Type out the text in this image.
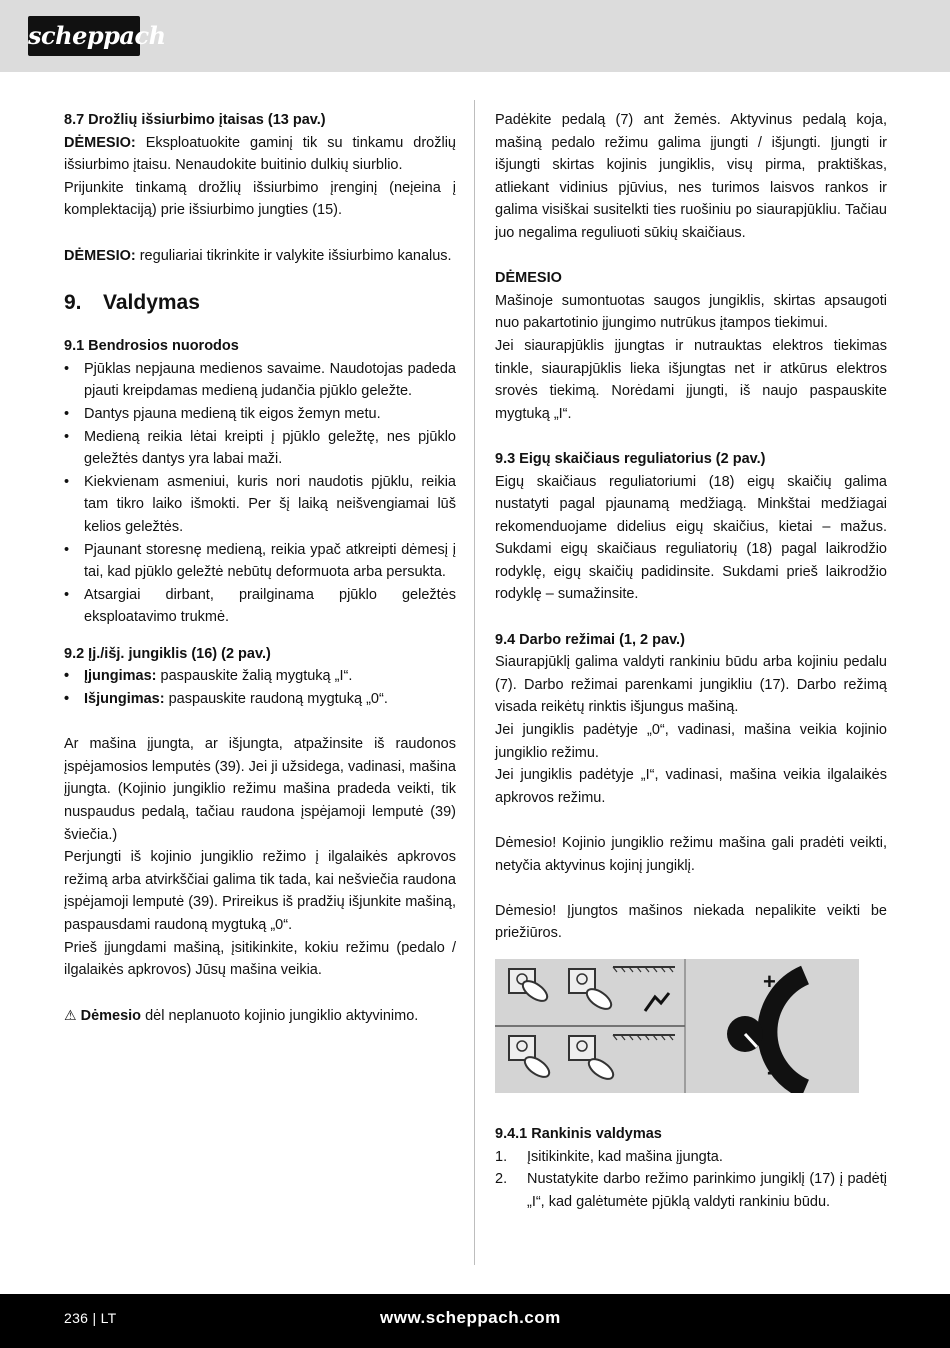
scheppach

8.7 Drožlių išsiurbimo įtaisas (13 pav.)

DĖMESIO: Eksploatuokite gaminį tik su tinkamu drožlių išsiurbimo įtaisu. Nenaudokite buitinio dulkių siurblio.

Prijunkite tinkamą drožlių išsiurbimo įrenginį (neįeina į komplektaciją) prie išsiurbimo jungties (15).

DĖMESIO: reguliariai tikrinkite ir valykite išsiurbimo kanalus.

9. Valdymas

9.1 Bendrosios nuorodos

• Pjūklas nepjauna medienos savaime. Naudotojas padeda pjauti kreipdamas medieną judančia pjūklo geležte.
• Dantys pjauna medieną tik eigos žemyn metu.
• Medieną reikia lėtai kreipti į pjūklo geležtę, nes pjūklo geležtės dantys yra labai maži.
• Kiekvienam asmeniui, kuris nori naudotis pjūklu, reikia tam tikro laiko išmokti. Per šį laiką neišvengiamai lūš kelios geležtės.
• Pjaunant storesnę medieną, reikia ypač atkreipti dėmesį į tai, kad pjūklo geležtė nebūtų deformuota arba persukta.
• Atsargiai dirbant, prailginama pjūklo geležtės eksploatavimo trukmė.

9.2 Įj./išj. jungiklis (16) (2 pav.)

• Įjungimas: paspauskite žalią mygtuką „I“.
• Išjungimas: paspauskite raudoną mygtuką „0“.

Ar mašina įjungta, ar išjungta, atpažinsite iš raudonos įspėjamosios lemputės (39). Jei ji užsidega, vadinasi, mašina įjungta. (Kojinio jungiklio režimu mašina pradeda veikti, tik nuspaudus pedalą, tačiau raudona įspėjamoji lemputė (39) šviečia.)

Perjungti iš kojinio jungiklio režimo į ilgalaikės apkrovos režimą arba atvirkščiai galima tik tada, kai nešviečia raudona įspėjamoji lemputė (39). Prireikus iš pradžių išjunkite mašiną, paspausdami raudoną mygtuką „0“.

Prieš įjungdami mašiną, įsitikinkite, kokiu režimu (pedalo / ilgalaikės apkrovos) Jūsų mašina veikia.

⚠ Dėmesio dėl neplanuoto kojinio jungiklio aktyvinimo.

Padėkite pedalą (7) ant žemės. Aktyvinus pedalą koja, mašiną pedalo režimu galima įjungti / išjungti. Įjungti ir išjungti skirtas kojinis jungiklis, visų pirma, praktiškas, atliekant vidinius pjūvius, nes turimos laisvos rankos ir galima visiškai susitelkti ties ruošiniu po siaurapjūkliu. Tačiau juo negalima reguliuoti sūkių skaičiaus.

DĖMESIO

Mašinoje sumontuotas saugos jungiklis, skirtas apsaugoti nuo pakartotinio įjungimo nutrūkus įtampos tiekimui.

Jei siaurapjūklis įjungtas ir nutrauktas elektros tiekimas tinkle, siaurapjūklis lieka išjungtas net ir atkūrus elektros srovės tiekimą. Norėdami įjungti, iš naujo paspauskite mygtuką „I“.

9.3 Eigų skaičiaus reguliatorius (2 pav.)

Eigų skaičiaus reguliatoriumi (18) eigų skaičių galima nustatyti pagal pjaunamą medžiagą. Minkštai medžiagai rekomenduojame didelius eigų skaičius, kietai – mažus. Sukdami eigų skaičiaus reguliatorių (18) pagal laikrodžio rodyklę, eigų skaičių padidinsite. Sukdami prieš laikrodžio rodyklę – sumažinsite.

9.4 Darbo režimai (1, 2 pav.)

Siaurapjūklį galima valdyti rankiniu būdu arba kojiniu pedalu (7). Darbo režimai parenkami jungikliu (17). Darbo režimą visada reikėtų rinktis išjungus mašiną.

Jei jungiklis padėtyje „0“, vadinasi, mašina veikia kojinio jungiklio režimu.

Jei jungiklis padėtyje „I“, vadinasi, mašina veikia ilgalaikės apkrovos režimu.

Dėmesio! Kojinio jungiklio režimu mašina gali pradėti veikti, netyčia aktyvinus kojinį jungiklį.

Dėmesio! Įjungtos mašinos niekada nepalikite veikti be priežiūros.

+
-

9.4.1 Rankinis valdymas

1. Įsitikinkite, kad mašina įjungta.
2. Nustatykite darbo režimo parinkimo jungiklį (17) į padėtį „I“, kad galėtumėte pjūklą valdyti rankiniu būdu.
236 | LT	www.scheppach.com
